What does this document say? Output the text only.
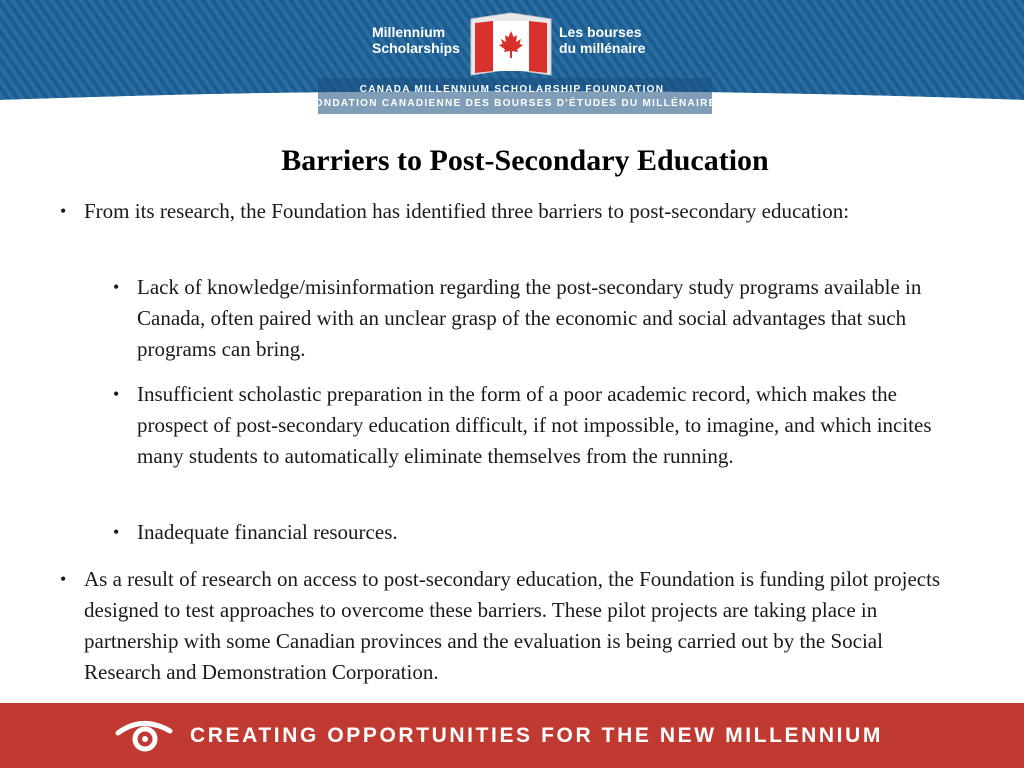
Millennium
Scholarships
Les bourses
du millénaire
CANADA MILLENNIUM SCHOLARSHIP FOUNDATION
FONDATION CANADIENNE DES BOURSES D'ÉTUDES DU MILLÉNAIRE
Barriers to Post-Secondary Education
• From its research, the Foundation has identified three barriers to post-secondary education:
• Lack of knowledge/misinformation regarding the post-secondary study programs available in Canada, often paired with an unclear grasp of the economic and social advantages that such programs can bring.
• Insufficient scholastic preparation in the form of a poor academic record, which makes the prospect of post-secondary education difficult, if not impossible, to imagine, and which incites many students to automatically eliminate themselves from the running.
• Inadequate financial resources.
• As a result of research on access to post-secondary education, the Foundation is funding pilot projects designed to test approaches to overcome these barriers. These pilot projects are taking place in partnership with some Canadian provinces and the evaluation is being carried out by the Social Research and Demonstration Corporation.
CREATING OPPORTUNITIES FOR THE NEW MILLENNIUM
